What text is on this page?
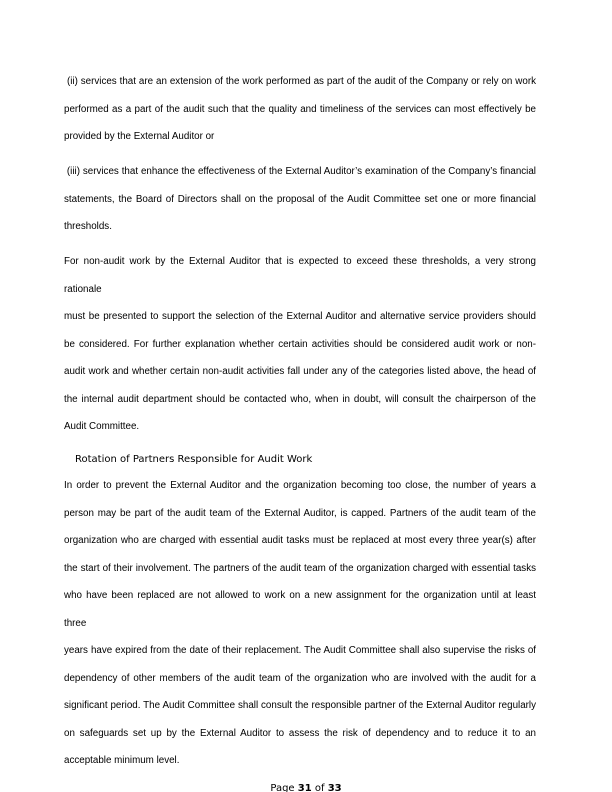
(ii) services that are an extension of the work performed as part of the audit of the Company or rely on work
performed as a part of the audit such that the quality and timeliness of the services can most effectively be
provided by the External Auditor or
(iii) services that enhance the effectiveness of the External Auditor’s examination of the Company’s financial
statements, the Board of Directors shall on the proposal of the Audit Committee set one or more financial
thresholds.
For non-audit work by the External Auditor that is expected to exceed these thresholds, a very strong rationale
must be presented to support the selection of the External Auditor and alternative service providers should
be considered. For further explanation whether certain activities should be considered audit work or non-
audit work and whether certain non-audit activities fall under any of the categories listed above, the head of
the internal audit department should be contacted who, when in doubt, will consult the chairperson of the
Audit Committee.
Rotation of Partners Responsible for Audit Work
In order to prevent the External Auditor and the organization becoming too close, the number of years a
person may be part of the audit team of the External Auditor, is capped. Partners of the audit team of the
organization who are charged with essential audit tasks must be replaced at most every three year(s) after
the start of their involvement. The partners of the audit team of the organization charged with essential tasks
who have been replaced are not allowed to work on a new assignment for the organization until at least three
years have expired from the date of their replacement. The Audit Committee shall also supervise the risks of
dependency of other members of the audit team of the organization who are involved with the audit for a
significant period. The Audit Committee shall consult the responsible partner of the External Auditor regularly
on safeguards set up by the External Auditor to assess the risk of dependency and to reduce it to an
acceptable minimum level.
Page 31 of 33
